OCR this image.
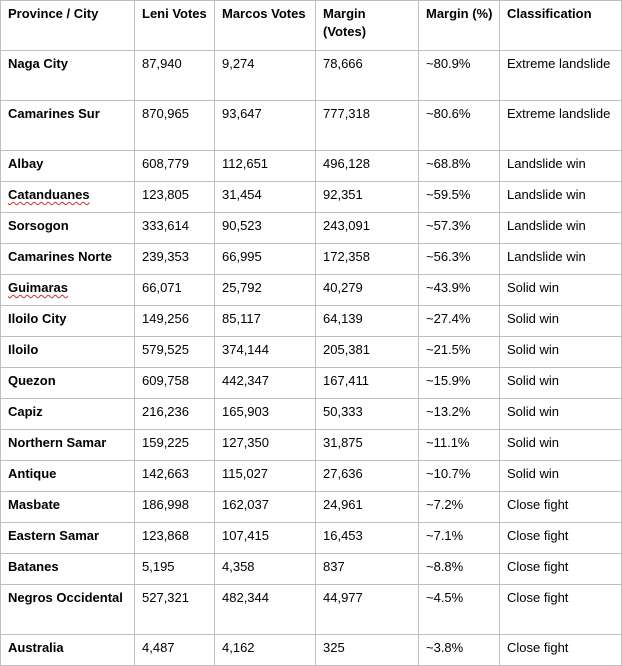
Province / City	Leni Votes	Marcos Votes	Margin (Votes)	Margin (%)	Classification
Naga City	87,940	9,274	78,666	~80.9%	Extreme landslide
Camarines Sur	870,965	93,647	777,318	~80.6%	Extreme landslide
Albay	608,779	112,651	496,128	~68.8%	Landslide win
Catanduanes	123,805	31,454	92,351	~59.5%	Landslide win
Sorsogon	333,614	90,523	243,091	~57.3%	Landslide win
Camarines Norte	239,353	66,995	172,358	~56.3%	Landslide win
Guimaras	66,071	25,792	40,279	~43.9%	Solid win
Iloilo City	149,256	85,117	64,139	~27.4%	Solid win
Iloilo	579,525	374,144	205,381	~21.5%	Solid win
Quezon	609,758	442,347	167,411	~15.9%	Solid win
Capiz	216,236	165,903	50,333	~13.2%	Solid win
Northern Samar	159,225	127,350	31,875	~11.1%	Solid win
Antique	142,663	115,027	27,636	~10.7%	Solid win
Masbate	186,998	162,037	24,961	~7.2%	Close fight
Eastern Samar	123,868	107,415	16,453	~7.1%	Close fight
Batanes	5,195	4,358	837	~8.8%	Close fight
Negros Occidental	527,321	482,344	44,977	~4.5%	Close fight
Australia	4,487	4,162	325	~3.8%	Close fight
